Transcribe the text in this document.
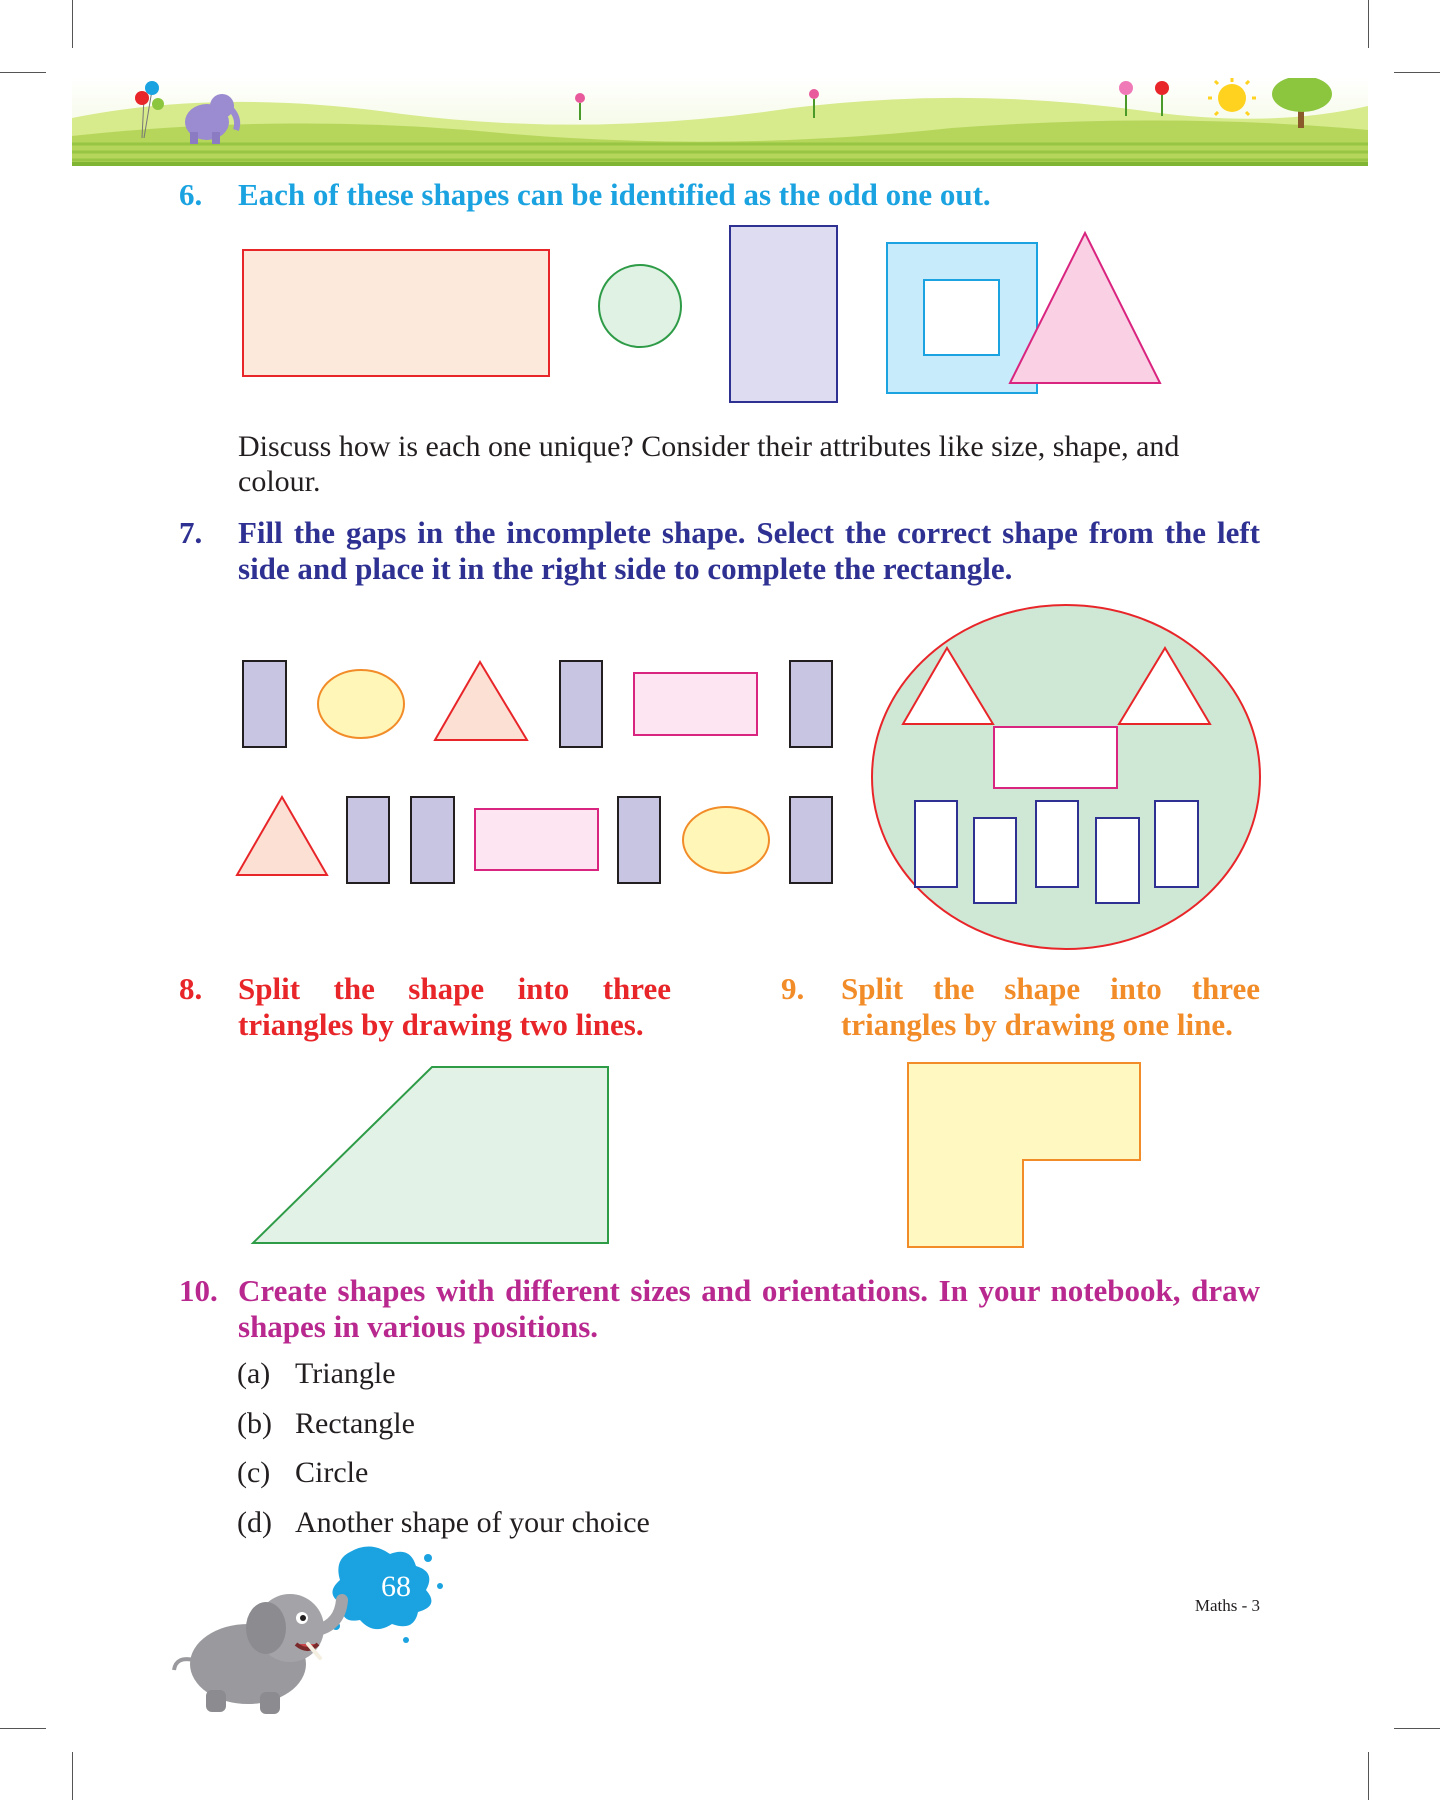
6. Each of these shapes can be identified as the odd one out.
Discuss how is each one unique? Consider their attributes like size, shape, and colour.
7. Fill the gaps in the incomplete shape. Select the correct shape from the left side and place it in the right side to complete the rectangle.
8. Split the shape into three triangles by drawing two lines.
9. Split the shape into three triangles by drawing one line.
10. Create shapes with different sizes and orientations. In your notebook, draw shapes in various positions.
(a) Triangle
(b) Rectangle
(c) Circle
(d) Another shape of your choice
68
Maths - 3
